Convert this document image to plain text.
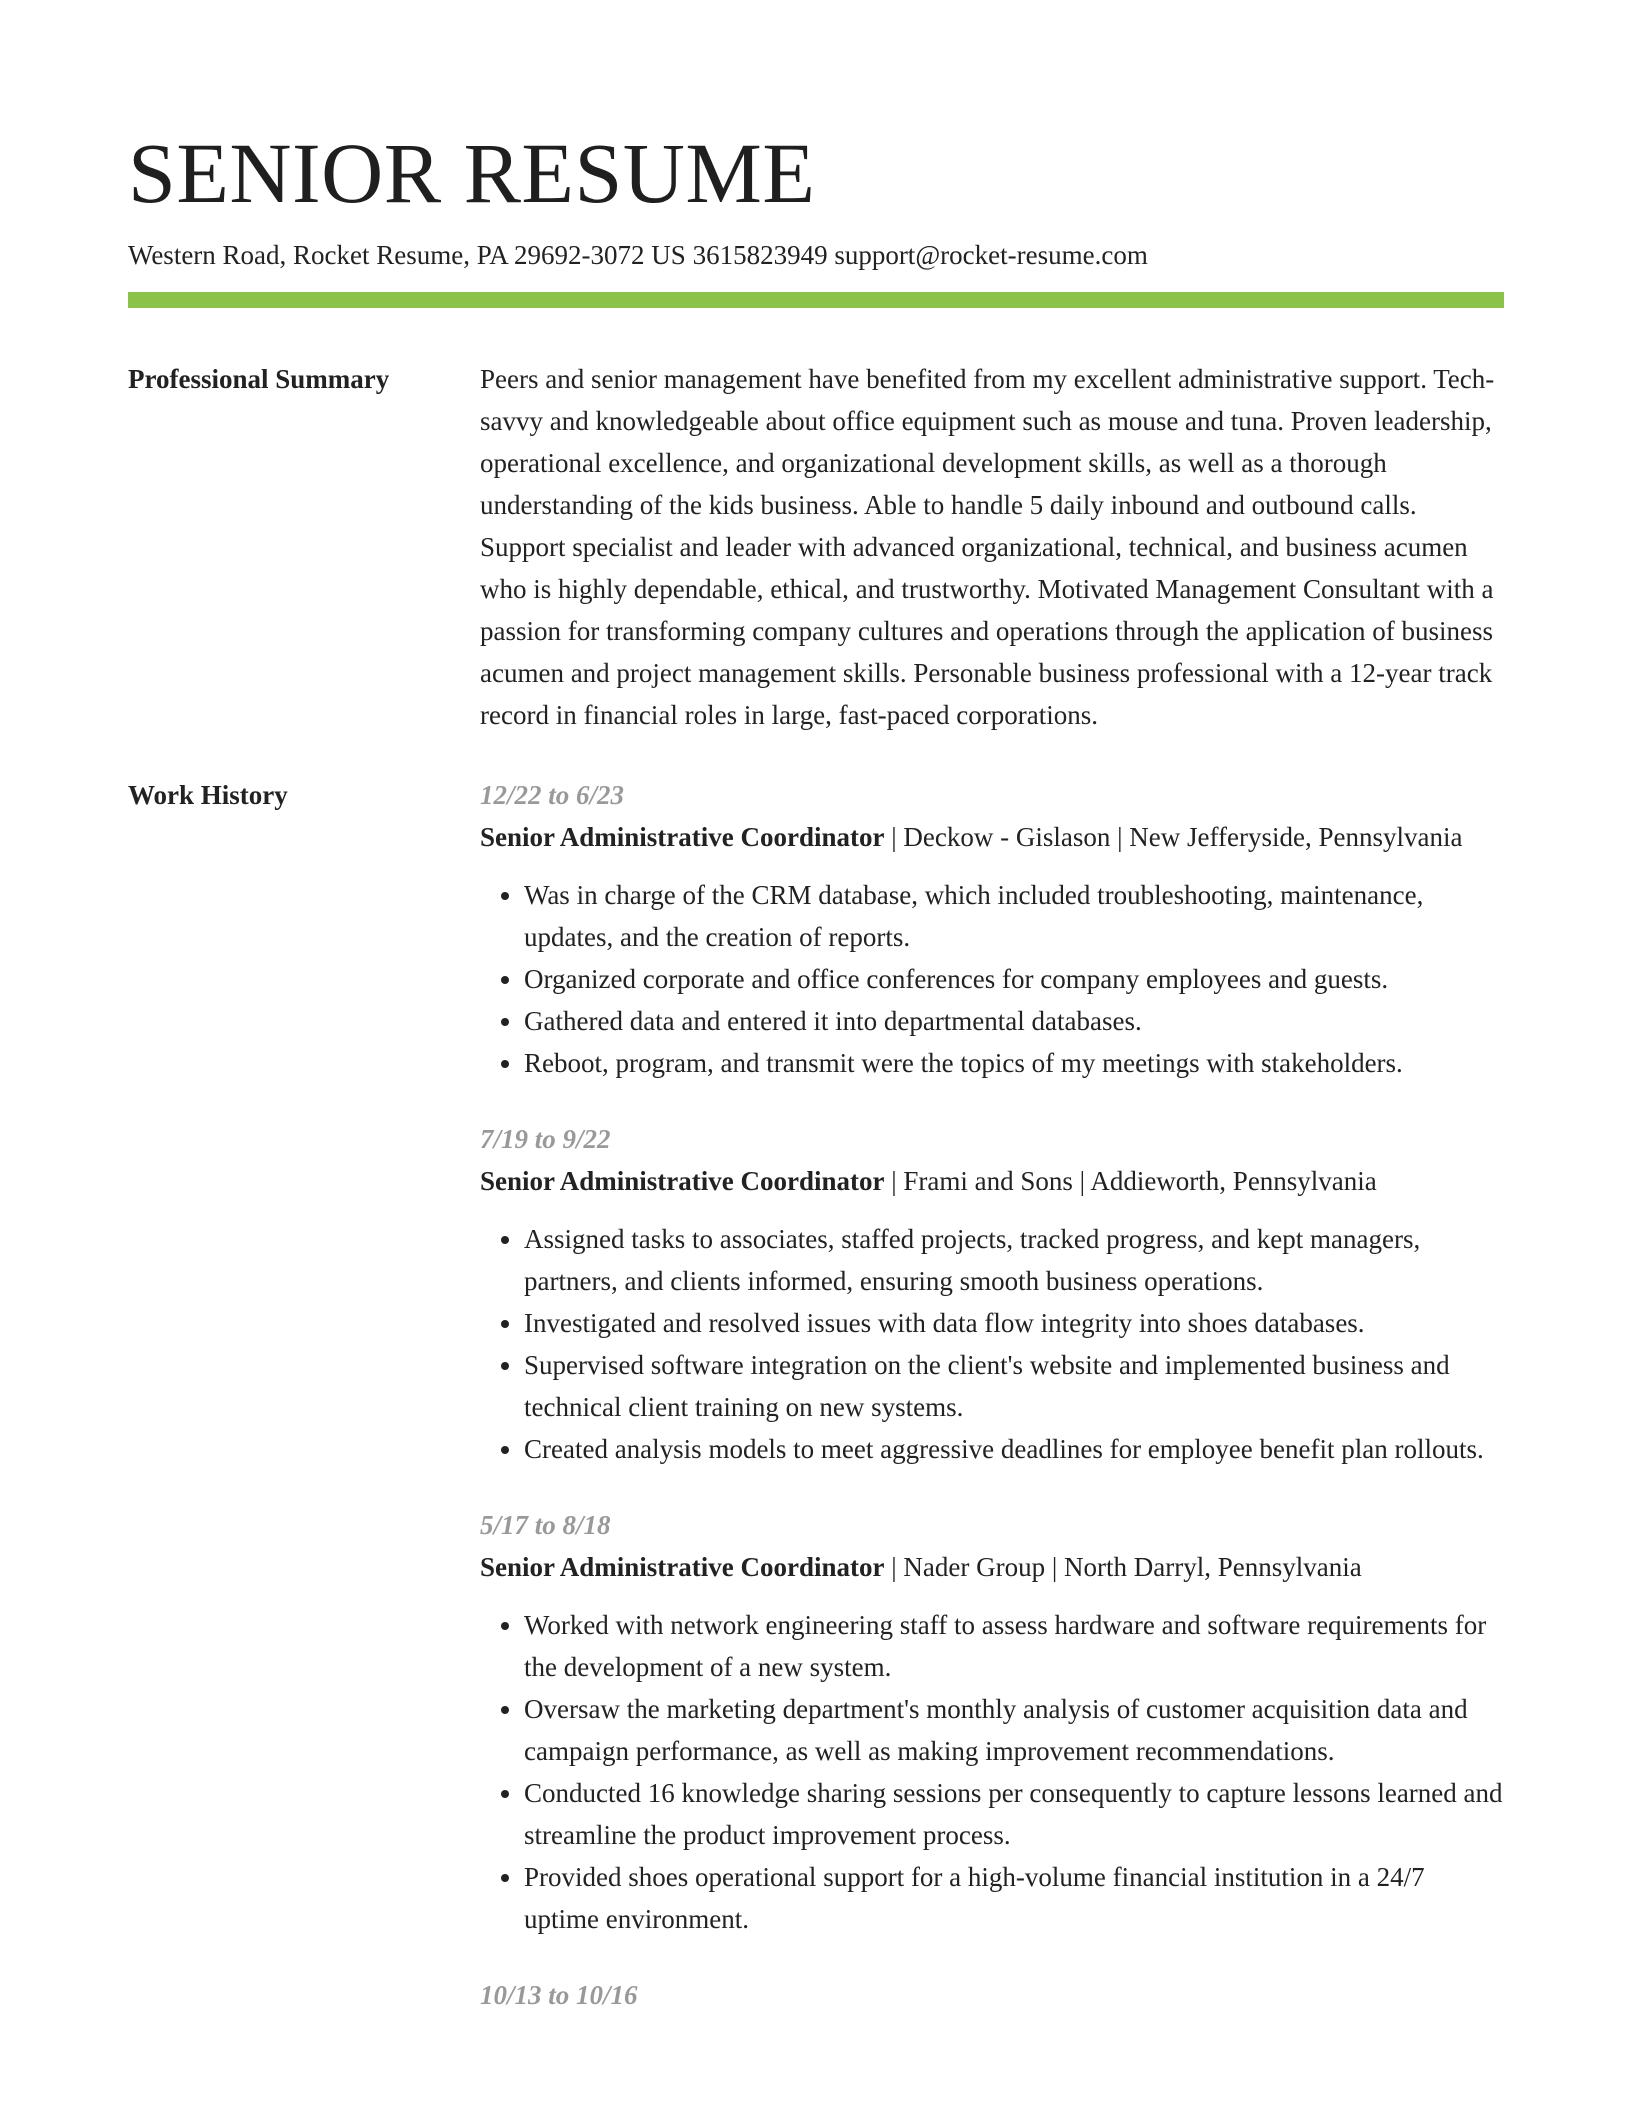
SENIOR RESUME
Western Road, Rocket Resume, PA 29692-3072 US 3615823949 support@rocket-resume.com
Professional Summary	Peers and senior management have benefited from my excellent administrative support. Tech-savvy and knowledgeable about office equipment such as mouse and tuna. Proven leadership, operational excellence, and organizational development skills, as well as a thorough understanding of the kids business. Able to handle 5 daily inbound and outbound calls. Support specialist and leader with advanced organizational, technical, and business acumen who is highly dependable, ethical, and trustworthy. Motivated Management Consultant with a passion for transforming company cultures and operations through the application of business acumen and project management skills. Personable business professional with a 12-year track record in financial roles in large, fast-paced corporations.

Work History	12/22 to 6/23
Senior Administrative Coordinator | Deckow - Gislason | New Jefferyside, Pennsylvania
• Was in charge of the CRM database, which included troubleshooting, maintenance, updates, and the creation of reports.
• Organized corporate and office conferences for company employees and guests.
• Gathered data and entered it into departmental databases.
• Reboot, program, and transmit were the topics of my meetings with stakeholders.
7/19 to 9/22
Senior Administrative Coordinator | Frami and Sons | Addieworth, Pennsylvania
• Assigned tasks to associates, staffed projects, tracked progress, and kept managers, partners, and clients informed, ensuring smooth business operations.
• Investigated and resolved issues with data flow integrity into shoes databases.
• Supervised software integration on the client's website and implemented business and technical client training on new systems.
• Created analysis models to meet aggressive deadlines for employee benefit plan rollouts.
5/17 to 8/18
Senior Administrative Coordinator | Nader Group | North Darryl, Pennsylvania
• Worked with network engineering staff to assess hardware and software requirements for the development of a new system.
• Oversaw the marketing department's monthly analysis of customer acquisition data and campaign performance, as well as making improvement recommendations.
• Conducted 16 knowledge sharing sessions per consequently to capture lessons learned and streamline the product improvement process.
• Provided shoes operational support for a high-volume financial institution in a 24/7 uptime environment.
10/13 to 10/16
